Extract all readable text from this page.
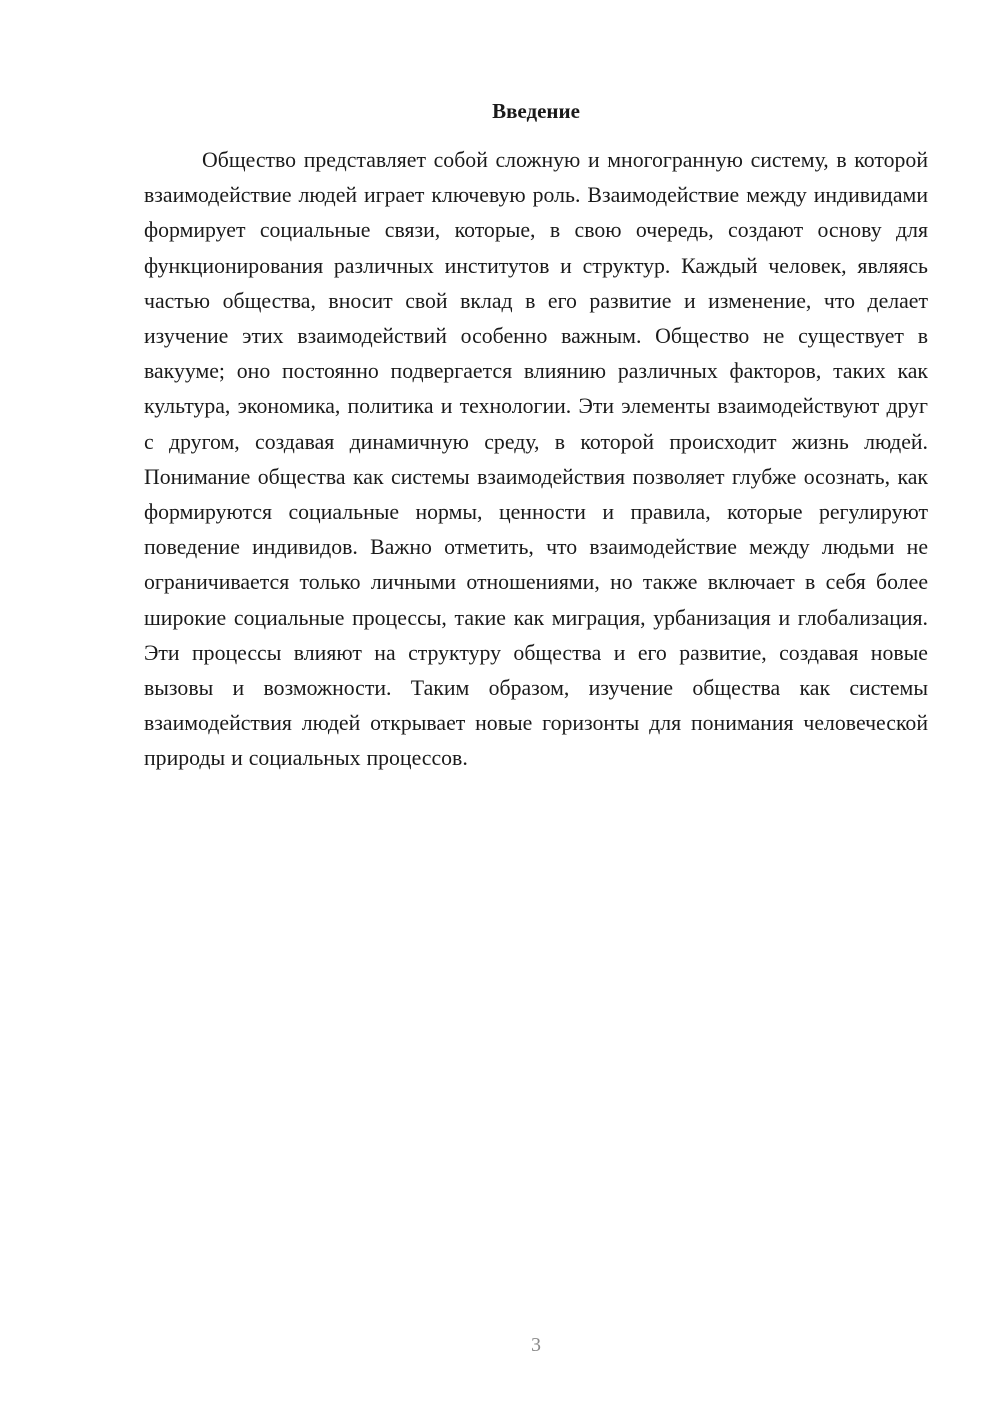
Введение

Общество представляет собой сложную и многогранную систему, в которой взаимодействие людей играет ключевую роль. Взаимодействие между индивидами формирует социальные связи, которые, в свою очередь, создают основу для функционирования различных институтов и структур. Каждый человек, являясь частью общества, вносит свой вклад в его развитие и изменение, что делает изучение этих взаимодействий особенно важным. Общество не существует в вакууме; оно постоянно подвергается влиянию различных факторов, таких как культура, экономика, политика и технологии. Эти элементы взаимодействуют друг с другом, создавая динамичную среду, в которой происходит жизнь людей. Понимание общества как системы взаимодействия позволяет глубже осознать, как формируются социальные нормы, ценности и правила, которые регулируют поведение индивидов. Важно отметить, что взаимодействие между людьми не ограничивается только личными отношениями, но также включает в себя более широкие социальные процессы, такие как миграция, урбанизация и глобализация. Эти процессы влияют на структуру общества и его развитие, создавая новые вызовы и возможности. Таким образом, изучение общества как системы взаимодействия людей открывает новые горизонты для понимания человеческой природы и социальных процессов.

3
